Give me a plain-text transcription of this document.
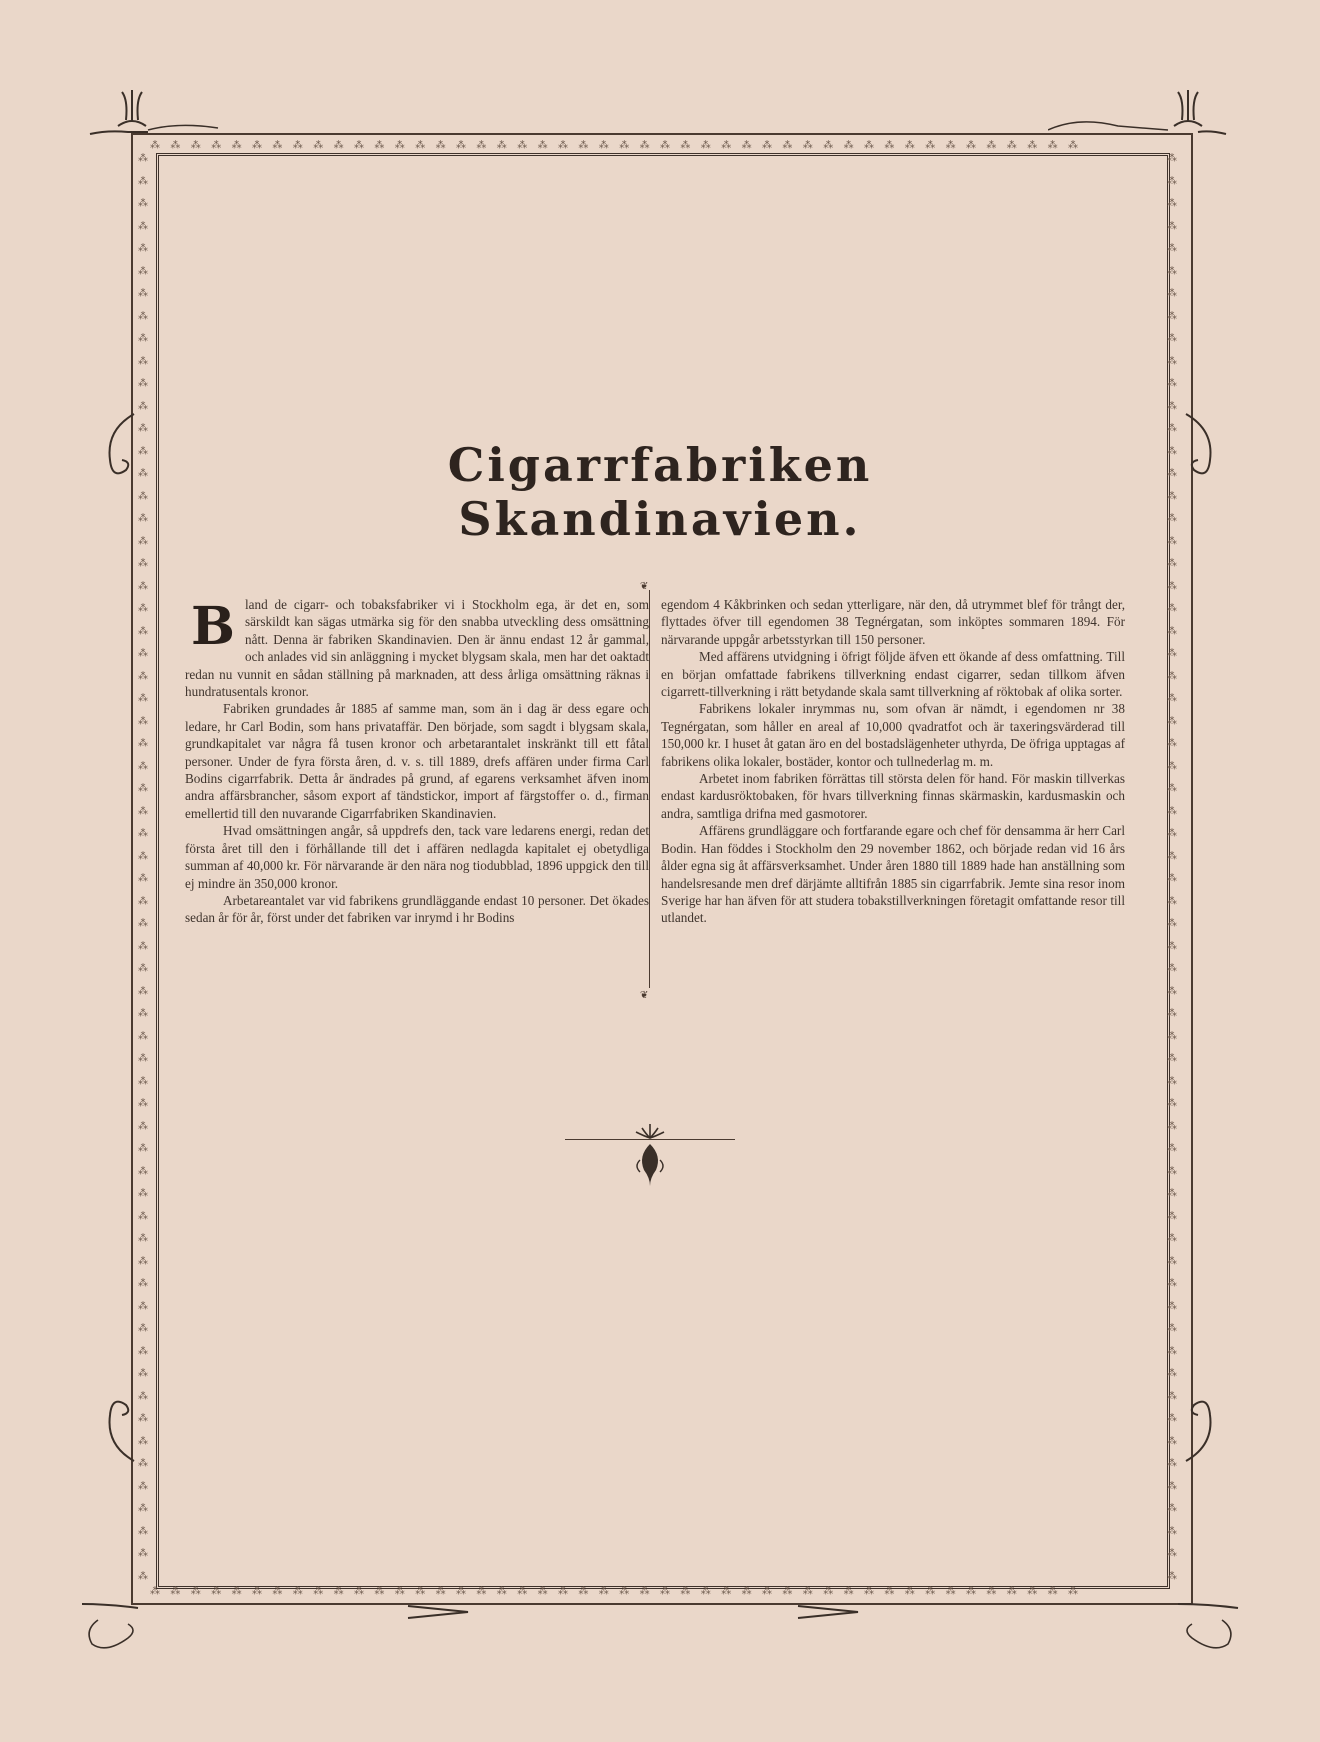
⁂⁂⁂⁂⁂⁂⁂⁂⁂⁂⁂⁂⁂⁂⁂⁂⁂⁂⁂⁂⁂⁂⁂⁂⁂⁂⁂⁂⁂⁂⁂⁂⁂⁂⁂⁂⁂⁂⁂⁂⁂⁂⁂⁂⁂⁂
⁂⁂⁂⁂⁂⁂⁂⁂⁂⁂⁂⁂⁂⁂⁂⁂⁂⁂⁂⁂⁂⁂⁂⁂⁂⁂⁂⁂⁂⁂⁂⁂⁂⁂⁂⁂⁂⁂⁂⁂⁂⁂⁂⁂⁂⁂
⁂
⁂
⁂
⁂
⁂
⁂
⁂
⁂
⁂
⁂
⁂
⁂
⁂
⁂
⁂
⁂
⁂
⁂
⁂
⁂
⁂
⁂
⁂
⁂
⁂
⁂
⁂
⁂
⁂
⁂
⁂
⁂
⁂
⁂
⁂
⁂
⁂
⁂
⁂
⁂
⁂
⁂
⁂
⁂
⁂
⁂
⁂
⁂
⁂
⁂
⁂
⁂
⁂
⁂
⁂
⁂
⁂
⁂
⁂
⁂
⁂
⁂
⁂
⁂
⁂
⁂
⁂
⁂
⁂
⁂
⁂
⁂
⁂
⁂
⁂
⁂
⁂
⁂
⁂
⁂
⁂
⁂
⁂
⁂
⁂
⁂
⁂
⁂
⁂
⁂
⁂
⁂
⁂
⁂
⁂
⁂
⁂
⁂
⁂
⁂
⁂
⁂
⁂
⁂
⁂
⁂
⁂
⁂
⁂
⁂
⁂
⁂
⁂
⁂
⁂
⁂
⁂
⁂
⁂
⁂
⁂
⁂
⁂
⁂
⁂
⁂
⁂
⁂
Cigarrfabriken Skandinavien.
❦
❦
B land de cigarr- och tobaksfabriker vi i Stockholm ega, är det en, som särskildt kan sägas utmärka sig för den snabba utveckling dess omsättning nått. Denna är fabriken Skandinavien. Den är ännu endast 12 år gammal, och anlades vid sin anläggning i mycket blygsam skala, men har det oaktadt redan nu vunnit en sådan ställning på marknaden, att dess årliga omsättning räknas i hundratusentals kronor.

Fabriken grundades år 1885 af samme man, som än i dag är dess egare och ledare, hr Carl Bodin, som hans privataffär. Den började, som sagdt i blygsam skala, grundkapitalet var några få tusen kronor och arbetarantalet inskränkt till ett fåtal personer. Under de fyra första åren, d. v. s. till 1889, drefs affären under firma Carl Bodins cigarrfabrik. Detta år ändrades på grund, af egarens verksamhet äfven inom andra affärsbrancher, såsom export af tändstickor, import af färgstoffer o. d., firman emellertid till den nuvarande Cigarrfabriken Skandinavien.

Hvad omsättningen angår, så uppdrefs den, tack vare ledarens energi, redan det första året till den i förhållande till det i affären nedlagda kapitalet ej obetydliga summan af 40,000 kr. För närvarande är den nära nog tiodubblad, 1896 uppgick den till ej mindre än 350,000 kronor.

Arbetareantalet var vid fabrikens grundläggande endast 10 personer. Det ökades sedan år för år, först under det fabriken var inrymd i hr Bodins

egendom 4 Kåkbrinken och sedan ytterligare, när den, då utrymmet blef för trångt der, flyttades öfver till egendomen 38 Tegnérgatan, som inköptes sommaren 1894. För närvarande uppgår arbetsstyrkan till 150 personer.

Med affärens utvidgning i öfrigt följde äfven ett ökande af dess omfattning. Till en början omfattade fabrikens tillverkning endast cigarrer, sedan tillkom äfven cigarrett-tillverkning i rätt betydande skala samt tillverkning af röktobak af olika sorter.

Fabrikens lokaler inrymmas nu, som ofvan är nämdt, i egendomen nr 38 Tegnérgatan, som håller en areal af 10,000 qvadratfot och är taxeringsvärderad till 150,000 kr. I huset åt gatan äro en del bostadslägenheter uthyrda, De öfriga upptagas af fabrikens olika lokaler, bostäder, kontor och tullnederlag m. m.

Arbetet inom fabriken förrättas till största delen för hand. För maskin tillverkas endast kardusröktobaken, för hvars tillverkning finnas skärmaskin, kardusmaskin och andra, samtliga drifna med gasmotorer.

Affärens grundläggare och fortfarande egare och chef för densamma är herr Carl Bodin. Han föddes i Stockholm den 29 november 1862, och började redan vid 16 års ålder egna sig åt affärsverksamhet. Under åren 1880 till 1889 hade han anställning som handelsresande men dref därjämte alltifrån 1885 sin cigarrfabrik. Jemte sina resor inom Sverige har han äfven för att studera tobakstillverkningen företagit omfattande resor till utlandet.
